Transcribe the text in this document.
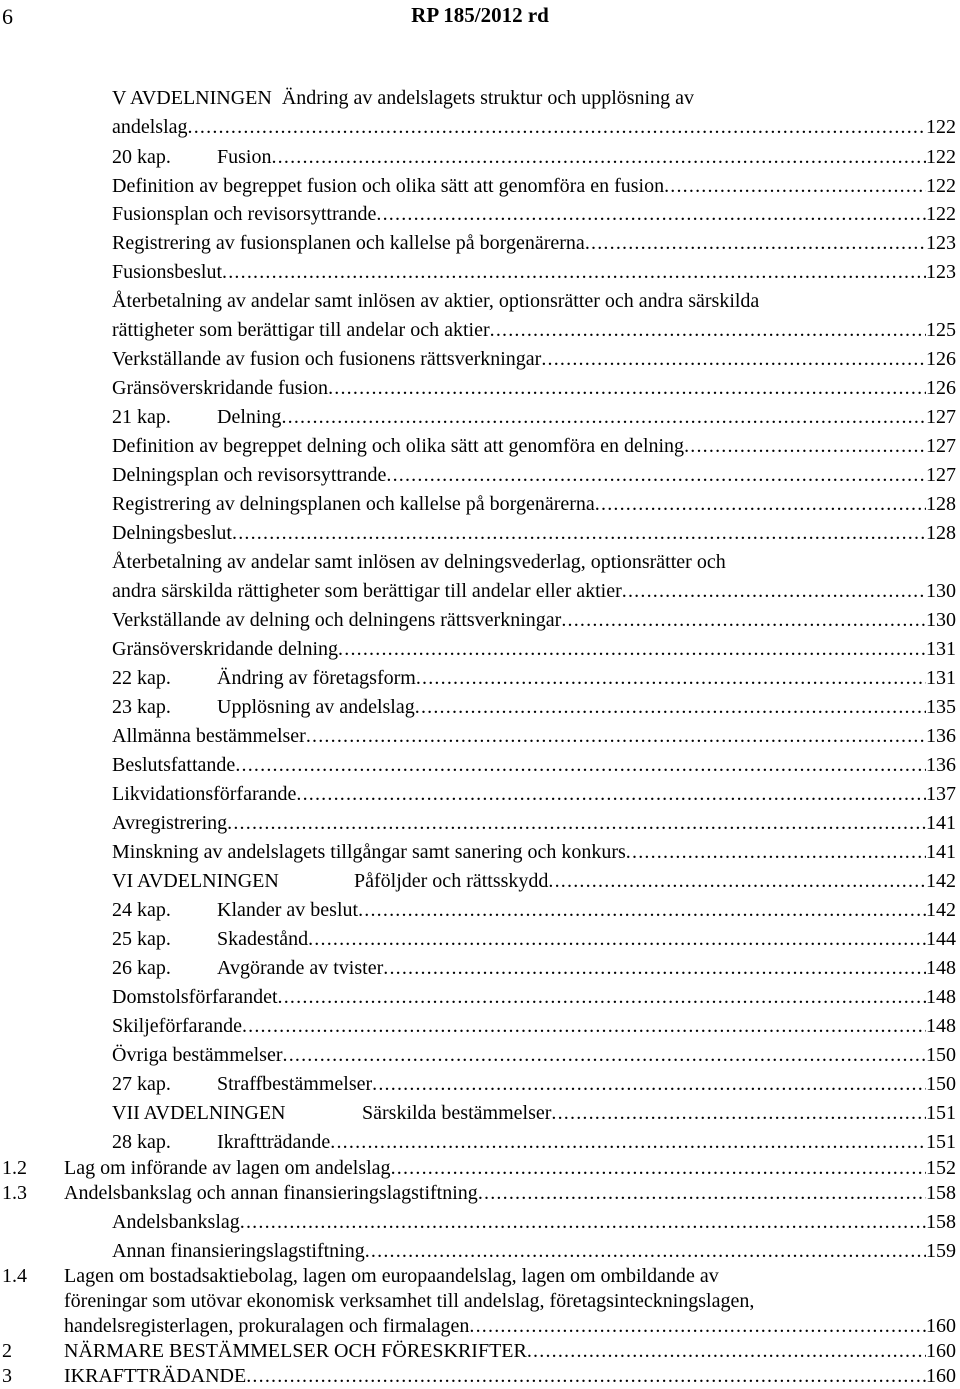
6	RP 185/2012 rd
V AVDELNINGEN  Ändring av andelslagets struktur och upplösning av
andelslag . . .	122
20 kap. Fusion . . .	122
Definition av begreppet fusion och olika sätt att genomföra en fusion . . .	122
Fusionsplan och revisorsyttrande . . .	122
Registrering av fusionsplanen och kallelse på borgenärerna . . .	123
Fusionsbeslut . . .	123
Återbetalning av andelar samt inlösen av aktier, optionsrätter och andra särskilda
rättigheter som berättigar till andelar och aktier . . .	125
Verkställande av fusion och fusionens rättsverkningar . . .	126
Gränsöverskridande fusion . . .	126
21 kap. Delning . . .	127
Definition av begreppet delning och olika sätt att genomföra en delning . . .	127
Delningsplan och revisorsyttrande . . .	127
Registrering av delningsplanen och kallelse på borgenärerna . . .	128
Delningsbeslut . . .	128
Återbetalning av andelar samt inlösen av delningsvederlag, optionsrätter och
andra särskilda rättigheter som berättigar till andelar eller aktier . . .	130
Verkställande av delning och delningens rättsverkningar . . .	130
Gränsöverskridande delning . . .	131
22 kap. Ändring av företagsform . . .	131
23 kap. Upplösning av andelslag . . .	135
Allmänna bestämmelser . . .	136
Beslutsfattande . . .	136
Likvidationsförfarande . . .	137
Avregistrering . . .	141
Minskning av andelslagets tillgångar samt sanering och konkurs . . .	141
VI AVDELNINGEN	Påföljder och rättsskydd . . .	142
24 kap. Klander av beslut . . .	142
25 kap. Skadestånd . . .	144
26 kap. Avgörande av tvister . . .	148
Domstolsförfarandet . . .	148
Skiljeförfarande . . .	148
Övriga bestämmelser . . .	150
27 kap. Straffbestämmelser . . .	150
VII AVDELNINGEN	Särskilda bestämmelser . . .	151
28 kap. Ikraftträdande . . .	151
1.2 Lag om införande av lagen om andelslag . . .	152
1.3 Andelsbankslag och annan finansieringslagstiftning . . .	158
Andelsbankslag . . .	158
Annan finansieringslagstiftning . . .	159
1.4 Lagen om bostadsaktiebolag, lagen om europaandelslag, lagen om ombildande av
föreningar som utövar ekonomisk verksamhet till andelslag, företagsinteckningslagen,
handelsregisterlagen, prokuralagen och firmalagen . . .	160
2	NÄRMARE BESTÄMMELSER OCH FÖRESKRIFTER . . .	160
3	IKRAFTTRÄDANDE . . .	160
